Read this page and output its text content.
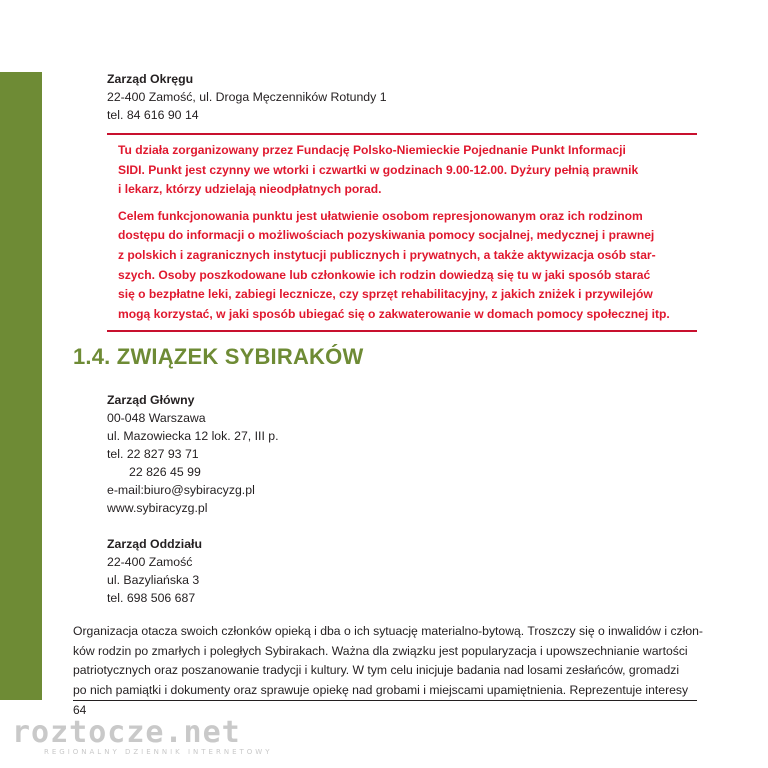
Zarząd Okręgu
22-400 Zamość, ul. Droga Męczenników Rotundy 1
tel. 84 616 90 14

Tu działa zorganizowany przez Fundację Polsko-Niemieckie Pojednanie Punkt Informacji
SIDI. Punkt jest czynny we wtorki i czwartki w godzinach 9.00-12.00. Dyżury pełnią prawnik
i lekarz, którzy udzielają nieodpłatnych porad.

Celem funkcjonowania punktu jest ułatwienie osobom represjonowanym oraz ich rodzinom
dostępu do informacji o możliwościach pozyskiwania pomocy socjalnej, medycznej i prawnej
z polskich i zagranicznych instytucji publicznych i prywatnych, a także aktywizacja osób star-
szych. Osoby poszkodowane lub członkowie ich rodzin dowiedzą się tu w jaki sposób starać
się o bezpłatne leki, zabiegi lecznicze, czy sprzęt rehabilitacyjny, z jakich zniżek i przywilejów
mogą korzystać, w jaki sposób ubiegać się o zakwaterowanie w domach pomocy społecznej itp.

1.4. ZWIĄZEK SYBIRAKÓW
Zarząd Główny
00-048 Warszawa
ul. Mazowiecka 12 lok. 27, III p.
tel. 22 827 93 71
22 826 45 99
e-mail:biuro@sybiracyzg.pl
www.sybiracyzg.pl
Zarząd Oddziału
22-400 Zamość
ul. Bazyliańska 3
tel. 698 506 687
Organizacja otacza swoich członków opieką i dba o ich sytuację materialno-bytową. Troszczy się o inwalidów i człon-
ków rodzin po zmarłych i poległych Sybirakach. Ważna dla związku jest popularyzacja i upowszechnianie wartości
patriotycznych oraz poszanowanie tradycji i kultury. W tym celu inicjuje badania nad losami zesłańców, gromadzi
po nich pamiątki i dokumenty oraz sprawuje opiekę nad grobami i miejscami upamiętnienia. Reprezentuje interesy
64
roztocze.net
REGIONALNY DZIENNIK INTERNETOWY
